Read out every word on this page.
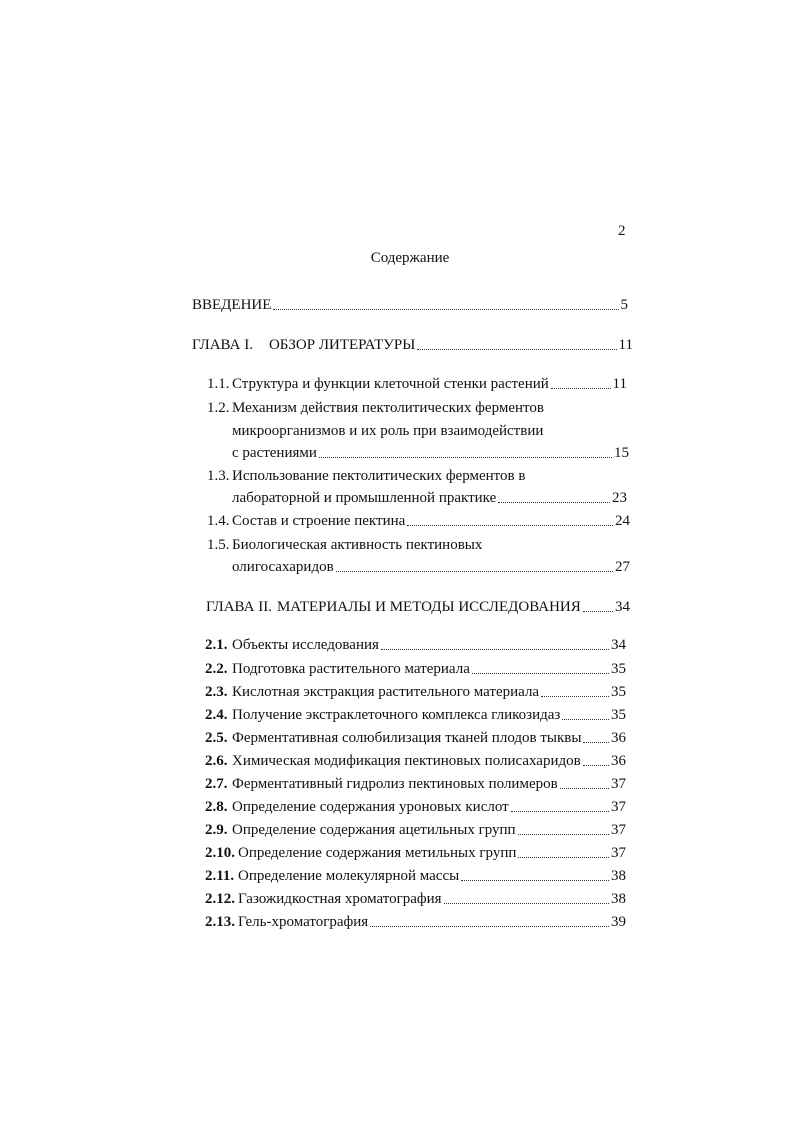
2
Содержание
ВВЕДЕНИЕ	5
ГЛАВА I. ОБЗОР ЛИТЕРАТУРЫ	11
1.1. Структура и функции клеточной стенки растений	11
1.2. Механизм действия пектолитических ферментов
микроорганизмов и их роль при взаимодействии
с растениями	15
1.3. Использование пектолитических ферментов в
лабораторной и промышленной практике	23
1.4. Состав и строение пектина	24
1.5. Биологическая активность пектиновых
олигосахаридов	27
ГЛАВА II. МАТЕРИАЛЫ И МЕТОДЫ ИССЛЕДОВАНИЯ 34
2.1. Объекты исследования	34
2.2. Подготовка растительного материала	35
2.3. Кислотная экстракция растительного материала	35
2.4. Получение экстраклеточного комплекса гликозидаз	35
2.5. Ферментативная солюбилизация тканей плодов тыквы 36
2.6. Химическая модификация пектиновых полисахаридов 36
2.7. Ферментативный гидролиз пектиновых полимеров	37
2.8. Определение содержания уроновых кислот	37
2.9. Определение содержания ацетильных групп	37
2.10. Определение содержания метильных групп	37
2.11. Определение молекулярной массы	38
2.12. Газожидкостная хроматография	38
2.13. Гель-хроматография	39
